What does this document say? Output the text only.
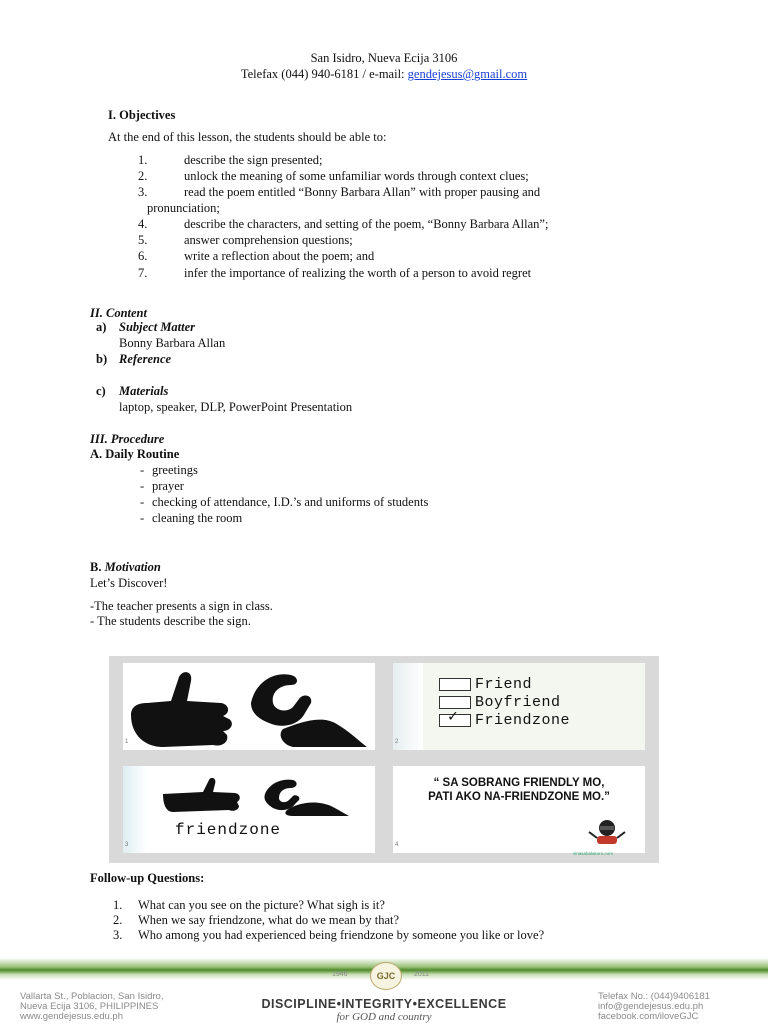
San Isidro, Nueva Ecija 3106
Telefax (044) 940-6181 / e-mail: gendejesus@gmail.com
I. Objectives
At the end of this lesson, the students should be able to:
1.	describe the sign presented;
2.	unlock the meaning of some unfamiliar words through context clues;
3.	read the poem entitled “Bonny Barbara Allan” with proper pausing and
pronunciation;
4.	describe the characters, and setting of the poem, “Bonny Barbara Allan”;
5.	answer comprehension questions;
6.	write a reflection about the poem; and
7.	infer the importance of realizing the worth of a person to avoid regret
II. Content
a) Subject Matter
Bonny Barbara Allan
b) Reference
c) Materials
laptop, speaker, DLP, PowerPoint Presentation
III. Procedure
A. Daily Routine
- greetings
- prayer
- checking of attendance, I.D.’s and uniforms of students
- cleaning the room
B. Motivation
Let’s Discover!
-The teacher presents a sign in class.
- The students describe the sign.
1
Friend
Boyfriend
✓ Friendzone
2
friendzone
3
“ SA SOBRANG FRIENDLY MO,
PATI AKO NA-FRIENDZONE MO.”
sinasabalakoro.com
4
Follow-up Questions:
1. What can you see on the picture? What sigh is it?
2. When we say friendzone, what do we mean by that?
3. Who among you had experienced being friendzone by someone you like or love?
1946	2011
GJC
Vallarta St., Poblacion, San Isidro,
Nueva Ecija 3106, PHILIPPINES
www.gendejesus.edu.ph
DISCIPLINE•INTEGRITY•EXCELLENCE
for GOD and country
Telefax No.: (044)9406181
info@gendejesus.edu.ph
facebook.com/iloveGJC
